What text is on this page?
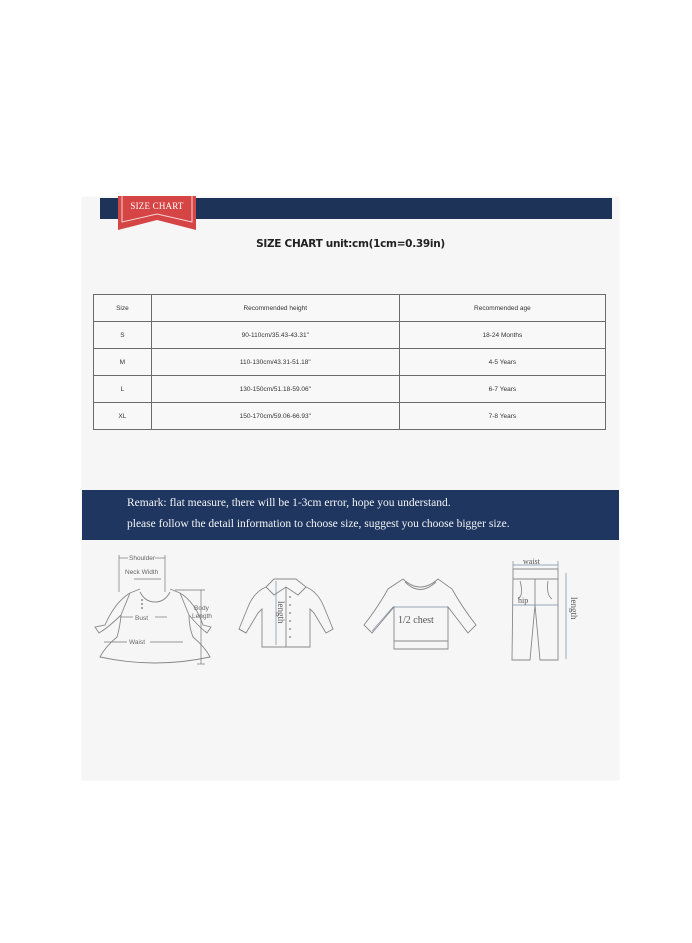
SIZE CHART
SIZE CHART unit:cm(1cm=0.39in)
Size	Recommended height	Recommended age
S	90-110cm/35.43-43.31"	18-24 Months
M	110-130cm/43.31-51.18"	4-5 Years
L	130-150cm/51.18-59.06"	6-7 Years
XL	150-170cm/59.06-66.93"	7-8 Years
Remark: flat measure, there will be 1-3cm error, hope you understand.
please follow the detail information to choose size, suggest you choose bigger size.
Shoulder
Neck Width
Bust
Waist
Body
Length	length	1/2 chest
waist
hip	length
